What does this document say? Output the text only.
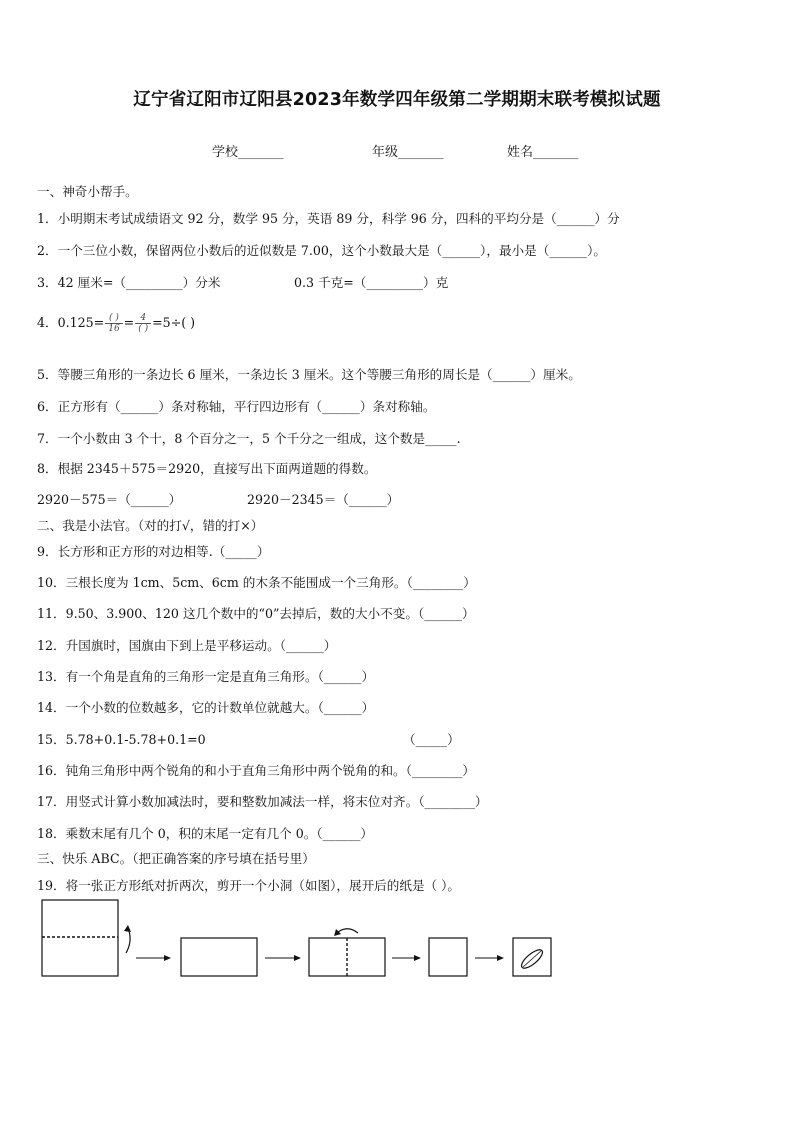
辽宁省辽阳市辽阳县2023年数学四年级第二学期期末联考模拟试题
学校_______	年级_______	姓名_______
一、神奇小帮手。
1．小明期末考试成绩语文 92 分，数学 95 分，英语 89 分，科学 96 分，四科的平均分是（______）分
2．一个三位小数，保留两位小数后的近似数是 7.00，这个小数最大是（______），最小是（______）。
3．42 厘米=（_________）分米	0.3 千克=（_________）克
4．$0.125= \frac{( )}{16} = \frac{4}{( )} =5\div$( )
5．等腰三角形的一条边长 6 厘米，一条边长 3 厘米。这个等腰三角形的周长是（______）厘米。
6．正方形有（______）条对称轴，平行四边形有（______）条对称轴。
7．一个小数由 3 个十，8 个百分之一，5 个千分之一组成，这个数是_____.
8．根据 2345＋575＝2920，直接写出下面两道题的得数。
2920－575＝（______）	2920－2345＝（______）
二、我是小法官。（对的打√，错的打×）
9．长方形和正方形的对边相等.（_____）
10．三根长度为 1cm、5cm、6cm 的木条不能围成一个三角形。（________）
11．9.50、3.900、120 这几个数中的“0”去掉后，数的大小不变。（______）
12．升国旗时，国旗由下到上是平移运动。（______）
13．有一个角是直角的三角形一定是直角三角形。（______）
14．一个小数的位数越多，它的计数单位就越大。（______）
15．5.78+0.1-5.78+0.1=0	（_____）
16．钝角三角形中两个锐角的和小于直角三角形中两个锐角的和。（________）
17．用竖式计算小数加减法时，要和整数加减法一样，将末位对齐。（________）
18．乘数末尾有几个 0，积的末尾一定有几个 0。（______）
三、快乐 ABC。（把正确答案的序号填在括号里）
19．将一张正方形纸对折两次，剪开一个小洞（如图），展开后的纸是（ ）。
